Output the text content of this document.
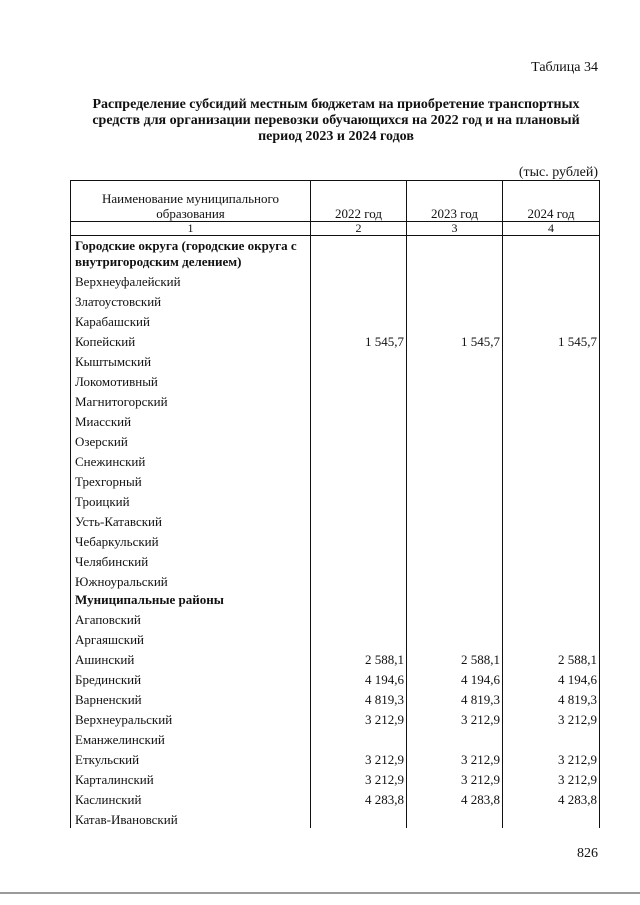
Таблица 34
Распределение субсидий местным бюджетам на приобретение транспортных средств для организации перевозки обучающихся на 2022 год и на плановый период 2023 и 2024 годов
(тыс. рублей)
Наименование муниципального образования	2022 год	2023 год	2024 год
1	2	3	4
Городские округа (городские округа с внутригородским делением)			
Верхнеуфалейский			
Златоустовский			
Карабашский			
Копейский	1 545,7	1 545,7	1 545,7
Кыштымский			
Локомотивный			
Магнитогорский			
Миасский			
Озерский			
Снежинский			
Трехгорный			
Троицкий			
Усть-Катавский			
Чебаркульский			
Челябинский			
Южноуральский			
Муниципальные районы			
Агаповский			
Аргаяшский			
Ашинский	2 588,1	2 588,1	2 588,1
Брединский	4 194,6	4 194,6	4 194,6
Варненский	4 819,3	4 819,3	4 819,3
Верхнеуральский	3 212,9	3 212,9	3 212,9
Еманжелинский			
Еткульский	3 212,9	3 212,9	3 212,9
Карталинский	3 212,9	3 212,9	3 212,9
Каслинский	4 283,8	4 283,8	4 283,8
Катав-Ивановский			
826
